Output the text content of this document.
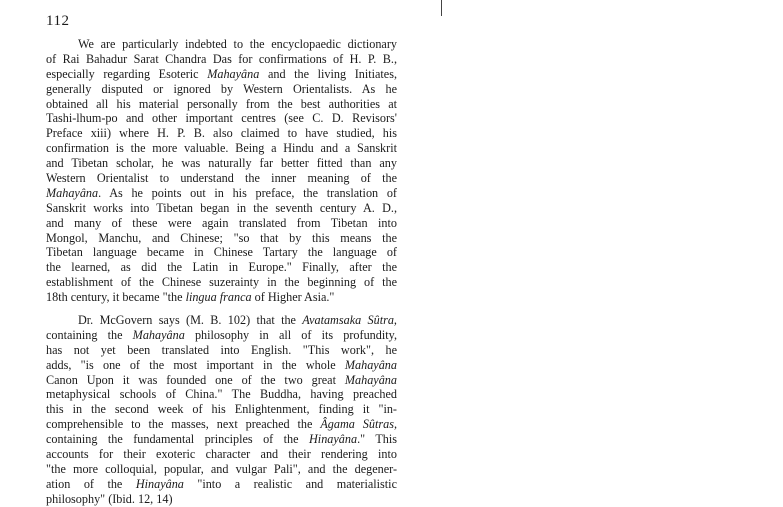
112
We are particularly indebted to the encyclopaedic dictionary
of Rai Bahadur Sarat Chandra Das for confirmations of H. P. B.,
especially regarding Esoteric Mahayâna and the living Initiates,
generally disputed or ignored by Western Orientalists. As he
obtained all his material personally from the best authorities at
Tashi-lhum-po and other important centres (see C. D. Revisors'
Preface xiii) where H. P. B. also claimed to have studied, his
confirmation is the more valuable. Being a Hindu and a Sanskrit
and Tibetan scholar, he was naturally far better fitted than any
Western Orientalist to understand the inner meaning of the
Mahayâna. As he points out in his preface, the translation of
Sanskrit works into Tibetan began in the seventh century A. D.,
and many of these were again translated from Tibetan into
Mongol, Manchu, and Chinese; "so that by this means the
Tibetan language became in Chinese Tartary the language of
the learned, as did the Latin in Europe." Finally, after the
establishment of the Chinese suzerainty in the beginning of the
18th century, it became "the lingua franca of Higher Asia."
Dr. McGovern says (M. B. 102) that the Avatamsaka Sûtra,
containing the Mahayâna philosophy in all of its profundity,
has not yet been translated into English. "This work", he
adds, "is one of the most important in the whole Mahayâna
Canon Upon it was founded one of the two great Mahayâna
metaphysical schools of China." The Buddha, having preached
this in the second week of his Enlightenment, finding it "in-
comprehensible to the masses, next preached the Âgama Sûtras,
containing the fundamental principles of the Hinayâna." This
accounts for their exoteric character and their rendering into
"the more colloquial, popular, and vulgar Pali", and the degener-
ation of the Hinayâna "into a realistic and materialistic
philosophy" (Ibid. 12, 14)
